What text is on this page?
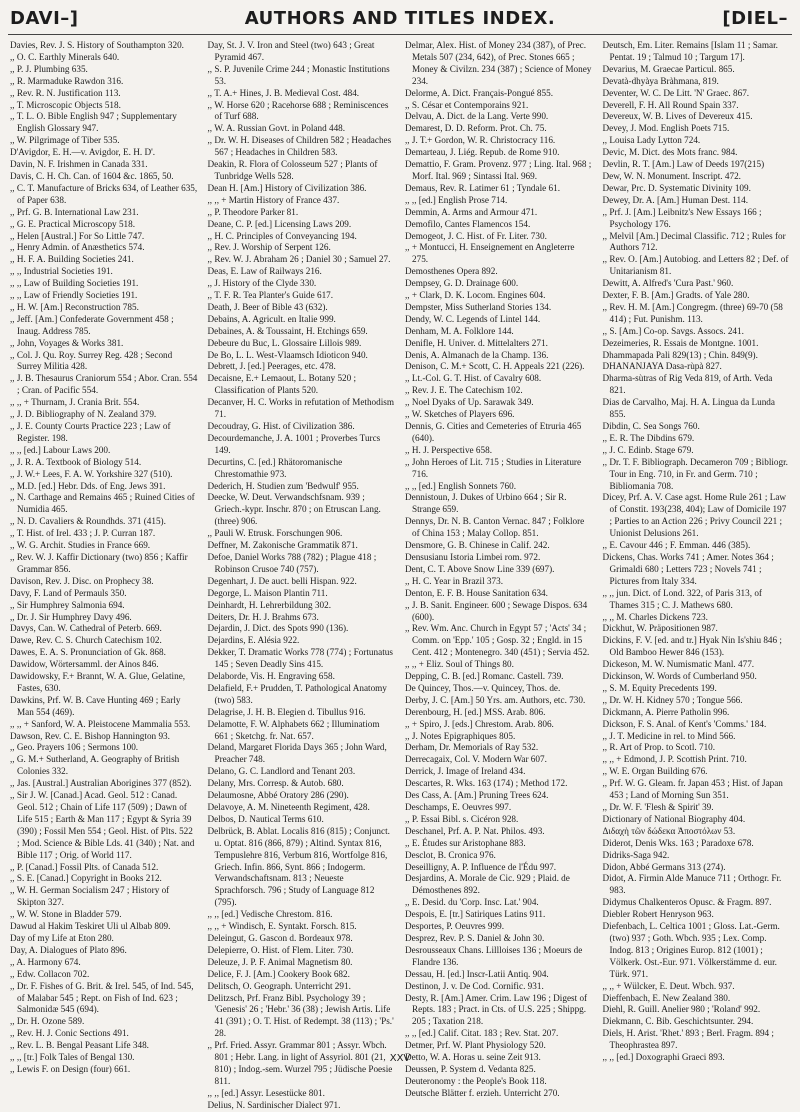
DAVI–]	AUTHORS AND TITLES INDEX.	[DIEL–

Davies, Rev. J. S. History of Southampton 320.

,, O. C. Earthly Minerals 640.

,, P. J. Plumbing 635.

,, R. Marmaduke Rawdon 316.

,, Rev. R. N. Justification 113.

,, T. Microscopic Objects 518.

,, T. L. O. Bible English 947 ; Supplementary English Glossary 947.

,, W. Pilgrimage of Tiber 535.

D'Avigdor, E. H.—v. Avigdor, E. H. D'.

Davin, N. F. Irishmen in Canada 331.

Davis, C. H. Ch. Can. of 1604 &c. 1865, 50.

,, C. T. Manufacture of Bricks 634, of Leather 635, of Paper 638.

,, Prf. G. B. International Law 231.

,, G. E. Practical Microscopy 518.

,, Helen [Austral.] For So Little 747.

,, Henry Admin. of Anæsthetics 574.

,, H. F. A. Building Societies 241.

,, ,, Industrial Societies 191.

,, ,, Law of Building Societies 191.

,, ,, Law of Friendly Societies 191.

,, H. W. [Am.] Reconstruction 785.

,, Jeff. [Am.] Confederate Government 458 ; Inaug. Address 785.

,, John, Voyages & Works 381.

,, Col. J. Qu. Roy. Surrey Reg. 428 ; Second Surrey Militia 428.

,, J. B. Thesaurus Craniorum 554 ; Abor. Cran. 554 ; Cran. of Pacific 554.

,, ,, + Thurnam, J. Crania Brit. 554.

,, J. D. Bibliography of N. Zealand 379.

,, J. E. County Courts Practice 223 ; Law of Register. 198.

,, ,, [ed.] Labour Laws 200.

,, J. R. A. Textbook of Biology 514.

,, J. W.+ Lees, F. A. W. Yorkshire 327 (510).

,, M.D. [ed.] Hebr. Dds. of Eng. Jews 391.

,, N. Carthage and Remains 465 ; Ruined Cities of Numidia 465.

,, N. D. Cavaliers & Roundhds. 371 (415).

,, T. Hist. of Irel. 433 ; J. P. Curran 187.

,, W. G. Archit. Studies in France 669.

,, Rev. W. J. Kaffir Dictionary (two) 856 ; Kaffir Grammar 856.

Davison, Rev. J. Disc. on Prophecy 38.

Davy, F. Land of Permauls 350.

,, Sir Humphrey Salmonia 694.

,, Dr. J. Sir Humphrey Davy 496.

Davys, Can. W. Cathedral of Peterb. 669.

Dawe, Rev. C. S. Church Catechism 102.

Dawes, E. A. S. Pronunciation of Gk. 868.

Dawidow, Wörtersamml. der Ainos 846.

Dawidowsky, F.+ Brannt, W. A. Glue, Gelatine, Fastes, 630.

Dawkins, Prf. W. B. Cave Hunting 469 ; Early Man 554 (469).

,, ,, + Sanford, W. A. Pleistocene Mammalia 553.

Dawson, Rev. C. E. Bishop Hannington 93.

,, Geo. Prayers 106 ; Sermons 100.

,, G. M.+ Sutherland, A. Geography of British Colonies 332.

,, Jas. [Austral.] Australian Aborigines 377 (852).

,, Sir J. W. [Canad.] Acad. Geol. 512 : Canad. Geol. 512 ; Chain of Life 117 (509) ; Dawn of Life 515 ; Earth & Man 117 ; Egypt & Syria 39 (390) ; Fossil Men 554 ; Geol. Hist. of Plts. 522 ; Mod. Science & Bible Lds. 41 (340) ; Nat. and Bible 117 ; Orig. of World 117.

,, P. [Canad.] Fossil Plts. of Canada 512.

,, S. E. [Canad.] Copyright in Books 212.

,, W. H. German Socialism 247 ; History of Skipton 327.

,, W. W. Stone in Bladder 579.

Dawud al Hakim Teskiret Uli ul Albab 809.

Day of my Life at Eton 280.

Day, A. Dialogues of Plato 896.

,, A. Harmony 674.

,, Edw. Collacon 702.

,, Dr. F. Fishes of G. Brit. & Irel. 545, of Ind. 545, of Malabar 545 ; Rept. on Fish of Ind. 623 ; Salmonidæ 545 (694).

,, Dr. H. Ozone 589.

,, Rev. H. J. Conic Sections 491.

,, Rev. L. B. Bengal Peasant Life 348.

,, ,, [tr.] Folk Tales of Bengal 130.

,, Lewis F. on Design (four) 661.

Day, St. J. V. Iron and Steel (two) 643 ; Great Pyramid 467.

,, S. P. Juvenile Crime 244 ; Monastic Institutions 53.

,, T. A.+ Hines, J. B. Medieval Cost. 484.

,, W. Horse 620 ; Racehorse 688 ; Reminiscences of Turf 688.

,, W. A. Russian Govt. in Poland 448.

,, Dr. W. H. Diseases of Children 582 ; Headaches 567 ; Headaches in Children 583.

Deakin, R. Flora of Colosseum 527 ; Plants of Tunbridge Wells 528.

Dean H. [Am.] History of Civilization 386.

,, ,, + Martin History of France 437.

,, P. Theodore Parker 81.

Deane, C. P. [ed.] Licensing Laws 209.

,, H. C. Principles of Conveyancing 194.

,, Rev. J. Worship of Serpent 126.

,, Rev. W. J. Abraham 26 ; Daniel 30 ; Samuel 27.

Deas, E. Law of Railways 216.

,, J. History of the Clyde 330.

,, T. F. R. Tea Planter's Guide 617.

Death, J. Beer of Bible 43 (632).

Debains, A. Agricult. en Italie 999.

Debaines, A. & Toussaint, H. Etchings 659.

Debeure du Buc, L. Glossaire Lillois 989.

De Bo, L. L. West-Vlaamsch Idioticon 940.

Debrett, J. [ed.] Peerages, etc. 478.

Decaisne, E.+ Lemaout, L. Botany 520 ; Classification of Plants 520.

Decanver, H. C. Works in refutation of Methodism 71.

Decoudray, G. Hist. of Civilization 386.

Decourdemanche, J. A. 1001 ; Proverbes Turcs 149.

Decurtins, C. [ed.] Rhätoromanische Chrestomathie 973.

Dederich, H. Studien zum 'Bedwulf' 955.

Deecke, W. Deut. Verwandschfsnam. 939 ; Griech.-kypr. Inschr. 870 ; on Etruscan Lang. (three) 906.

,, Pauli W. Etrusk. Forschungen 906.

Deffner, M. Zakonische Grammatik 871.

Defoe, Daniel Works 788 (782) ; Plague 418 ; Robinson Crusoe 740 (757).

Degenhart, J. De auct. belli Hispan. 922.

Degorge, L. Maison Plantin 711.

Deinhardt, H. Lehrerbildung 302.

Deiters, Dr. H. J. Brahms 673.

Dejardin, J. Dict. des Spots 990 (136).

Dejardins, E. Alésia 922.

Dekker, T. Dramatic Works 778 (774) ; Fortunatus 145 ; Seven Deadly Sins 415.

Delaborde, Vis. H. Engraving 658.

Delafield, F.+ Prudden, T. Pathological Anatomy (two) 583.

Delagrise, J. H. B. Elegien d. Tibullus 916.

Delamotte, F. W. Alphabets 662 ; Illuminatiom 661 ; Sketchg. fr. Nat. 657.

Deland, Margaret Florida Days 365 ; John Ward, Preacher 748.

Delano, G. C. Landlord and Tenant 203.

Delany, Mrs. Corresp. & Autob. 680.

Delaumosne, Abbé Oratory 286 (290).

Delavoye, A. M. Nineteenth Regiment, 428.

Delbos, D. Nautical Terms 610.

Delbrück, B. Ablat. Localis 816 (815) ; Conjunct. u. Optat. 816 (866, 879) ; Altind. Syntax 816, Tempuslehre 816, Verbum 816, Wortfolge 816, Griech. Infin. 866, Synt. 866 ; Indogerm. Verwandschaftsnam. 813 ; Neueste Sprachforsch. 796 ; Study of Language 812 (795).

,, ,, [ed.] Vedische Chrestom. 816.

,, ,, + Windisch, E. Syntakt. Forsch. 815.

Deleingut, G. Gascon d. Bordeaux 978.

Delepierre, O. Hist. of Flem. Liter. 730.

Deleuze, J. P. F. Animal Magnetism 80.

Delice, F. J. [Am.] Cookery Book 682.

Delitsch, O. Geograph. Unterricht 291.

Delitzsch, Prf. Franz Bibl. Psychology 39 ; 'Genesis' 26 ; 'Hebr.' 36 (38) ; Jewish Artis. Life 41 (391) ; O. T. Hist. of Redempt. 38 (113) ; 'Ps.' 28.

,, Prf. Fried. Assyr. Grammar 801 ; Assyr. Wbch. 801 ; Hebr. Lang. in light of Assyriol. 801 (21, 810) ; Indog.-sem. Wurzel 795 ; Jüdische Poesie 811.

,, ,, [ed.] Assyr. Lesestücke 801.

Delius, N. Sardinischer Dialect 971.

Delmar, Alex. Hist. of Money 234 (387), of Prec. Metals 507 (234, 642), of Prec. Stones 665 ; Money & Civilzn. 234 (387) ; Science of Money 234.

Delorme, A. Dict. Français-Pongué 855.

,, S. César et Contemporains 921.

Delvau, A. Dict. de la Lang. Verte 990.

Demarest, D. D. Reform. Prot. Ch. 75.

,, J. T.+ Gordon, W. R. Christocracy 116.

Demarteau, J. Liég. Repub. de Rome 910.

Demattio, F. Gram. Provenz. 977 ; Ling. Ital. 968 ; Morf. Ital. 969 ; Sintassi Ital. 969.

Demaus, Rev. R. Latimer 61 ; Tyndale 61.

,, ,, [ed.] English Prose 714.

Demmin, A. Arms and Armour 471.

Demofilo, Cantes Flamencos 154.

Demogeot, J. C. Hist. of Fr. Liter. 730.

,, + Montucci, H. Enseignement en Angleterre 275.

Demosthenes Opera 892.

Dempsey, G. D. Drainage 600.

,, + Clark, D. K. Locom. Engines 604.

Dempster, Miss Sutherland Stories 134.

Dendy, W. C. Legends of Lintel 144.

Denham, M. A. Folklore 144.

Denifle, H. Univer. d. Mittelalters 271.

Denis, A. Almanach de la Champ. 136.

Denison, C. M.+ Scott, C. H. Appeals 221 (226).

,, Lt.-Col. G. T. Hist. of Cavalry 608.

,, Rev. J. E. The Catechism 102.

,, Noel Dyaks of Up. Sarawak 349.

,, W. Sketches of Players 696.

Dennis, G. Cities and Cemeteries of Etruria 465 (640).

,, H. J. Perspective 658.

,, John Heroes of Lit. 715 ; Studies in Literature 716.

,, ,, [ed.] English Sonnets 760.

Dennistoun, J. Dukes of Urbino 664 ; Sir R. Strange 659.

Dennys, Dr. N. B. Canton Vernac. 847 ; Folklore of China 153 ; Malay Collop. 851.

Densmore, G. B. Chinese in Calif. 242.

Densusianu Istoria Limbei rom. 972.

Dent, C. T. Above Snow Line 339 (697).

,, H. C. Year in Brazil 373.

Denton, E. F. B. House Sanitation 634.

,, J. B. Sanit. Engineer. 600 ; Sewage Dispos. 634 (600).

,, Rev. Wm. Anc. Church in Egypt 57 ; 'Acts' 34 ; Comm. on 'Epp.' 105 ; Gosp. 32 ; Engld. in 15 Cent. 412 ; Montenegro. 340 (451) ; Servia 452.

,, ,, + Eliz. Soul of Things 80.

Depping, C. B. [ed.] Romanc. Castell. 739.

De Quincey, Thos.—v. Quincey, Thos. de.

Derby, J. C. [Am.] 50 Yrs. am. Authors, etc. 730.

Derenbourg, H. [ed.] MSS. Arab. 806.

,, + Spiro, J. [eds.] Chrestom. Arab. 806.

,, J. Notes Epigraphiques 805.

Derham, Dr. Memorials of Ray 532.

Derrecagaix, Col. V. Modern War 607.

Derrick, J. Image of Ireland 434.

Descartes, R. Wks. 163 (174) ; Method 172.

Des Cass, A. [Am.] Pruning Trees 624.

Deschamps, E. Oeuvres 997.

,, P. Essai Bibl. s. Cicéron 928.

Deschanel, Prf. A. P. Nat. Philos. 493.

,, E. Études sur Aristophane 883.

Desclot, B. Cronica 976.

Deseilligny, A. P. Influence de l'Édu 997.

Desjardins, A. Morale de Cic. 929 ; Plaid. de Démosthenes 892.

,, E. Desid. du 'Corp. Insc. Lat.' 904.

Despois, E. [tr.] Satiriques Latins 911.

Desportes, P. Oeuvres 999.

Desprez, Rev. P. S. Daniel & John 30.

Desrousseaux Chans. Lillloises 136 ; Moeurs de Flandre 136.

Dessau, H. [ed.] Inscr-Latii Antiq. 904.

Destinon, J. v. De Cod. Cornific. 931.

Desty, R. [Am.] Amer. Crim. Law 196 ; Digest of Repts. 183 ; Pract. in Cts. of U.S. 225 ; Shippg. 205 ; Taxation 218.

,, ,, [ed.] Calif. Citat. 183 ; Rev. Stat. 207.

Detmer, Prf. W. Plant Physiology 520.

Detto, W. A. Horas u. seine Zeit 913.

Deussen, P. System d. Vedanta 825.

Deuteronomy : the People's Book 118.

Deutsche Blätter f. erzieh. Unterricht 270.

Deutsch, Em. Liter. Remains [Islam 11 ; Samar. Pentat. 19 ; Talmud 10 ; Targum 17].

Devarius, M. Graecae Particul. 865.

Devatà-dhyàya Bràhmana, 819.

Deventer, W. C. De Litt. 'N' Graec. 867.

Deverell, F. H. All Round Spain 337.

Devereux, W. B. Lives of Devereux 415.

Devey, J. Mod. English Poets 715.

,, Louisa Lady Lytton 724.

Devic, M. Dict. des Mots franc. 984.

Devlin, R. T. [Am.] Law of Deeds 197(215)

Dew, W. N. Monument. Inscript. 472.

Dewar, Prc. D. Systematic Divinity 109.

Dewey, Dr. A. [Am.] Human Dest. 114.

,, Prf. J. [Am.] Leibnitz's New Essays 166 ; Psychology 176.

,, Melvil [Am.] Decimal Classific. 712 ; Rules for Authors 712.

,, Rev. O. [Am.] Autobiog. and Letters 82 ; Def. of Unitarianism 81.

Dewitt, A. Alfred's 'Cura Past.' 960.

Dexter, F. B. [Am.] Gradts. of Yale 280.

,, Rev. H. M. [Am.] Congregm. (three) 69-70 (58 414) ; Fut. Punishm. 113.

,, S. [Am.] Co-op. Savgs. Assocs. 241.

Dezeimeries, R. Essais de Montgne. 1001.

Dhammapada Pali 829(13) ; Chin. 849(9).

DHANANJAYA Dasa-rùpà 827.

Dharma-sùtras of Rig Veda 819, of Arth. Veda 821.

Dias de Carvalho, Maj. H. A. Lingua da Lunda 855.

Dibdin, C. Sea Songs 760.

,, E. R. The Dibdins 679.

,, J. C. Edinb. Stage 679.

,, Dr. T. F. Bibliograph. Decameron 709 ; Bibliogr. Tour in Eng. 710, in Fr. and Germ. 710 ; Bibliomania 708.

Dicey, Prf. A. V. Case agst. Home Rule 261 ; Law of Constit. 193(238, 404); Law of Domicile 197 ; Parties to an Action 226 ; Privy Council 221 ; Unionist Delusions 261.

,, E. Cavour 446 ; F. Emman. 446 (385).

Dickens, Chas. Works 741 ; Amer. Notes 364 ; Grimaldi 680 ; Letters 723 ; Novels 741 ; Pictures from Italy 334.

,, ,, jun. Dict. of Lond. 322, of Paris 313, of Thames 315 ; C. J. Mathews 680.

,, ,, M. Charles Dickens 723.

Dickhut, W. Präpositionen 987.

Dickins, F. V. [ed. and tr.] Hyak Nin Is'shiu 846 ; Old Bamboo Hewer 846 (153).

Dickeson, M. W. Numismatic Manl. 477.

Dickinson, W. Words of Cumberland 950.

,, S. M. Equity Precedents 199.

,, Dr. W. H. Kidney 570 ; Tongue 566.

Dickmann, A. Pierre Patholin 996.

Dickson, F. S. Anal. of Kent's 'Comms.' 184.

,, J. T. Medicine in rel. to Mind 566.

,, R. Art of Prop. to Scotl. 710.

,, ,, + Edmond, J. P. Scottish Print. 710.

,, W. E. Organ Building 676.

,, Prf. W. G. Gleam. fr. Japan 453 ; Hist. of Japan 453 ; Land of Morning Sun 351.

,, Dr. W. F. 'Flesh & Spirit' 39.

Dictionary of National Biography 404.

Διδαχὴ τῶν δώδεκα Ἀποστόλων 53.

Diderot, Denis Wks. 163 ; Paradoxe 678.

Didriks-Saga 942.

Didon, Abbé Germans 313 (274).

Didot, A. Firmin Alde Manuce 711 ; Orthogr. Fr. 983.

Didymus Chalkenteros Opusc. & Fragm. 897.

Diebler Robert Henryson 963.

Diefenbach, L. Celtica 1001 ; Gloss. Lat.-Germ. (two) 937 ; Goth. Wbch. 935 ; Lex. Comp. Indog. 813 ; Origines Europ. 812 (1001) ; Völkerk. Ost.-Eur. 971. Völkerstämme d. eur. Türk. 971.

,, ,, + Wülcker, E. Deut. Wbch. 937.

Dieffenbach, E. New Zealand 380.

Diehl, R. Guill. Anelier 980 ; 'Roland' 992.

Diekmann, C. Bib. Geschichtsunter. 294.

Diels, H. Arist. 'Rhet.' 893 ; Berl. Fragm. 894 ; Theophrastea 897.

,, ,, [ed.] Doxographi Graeci 893.

XXV
